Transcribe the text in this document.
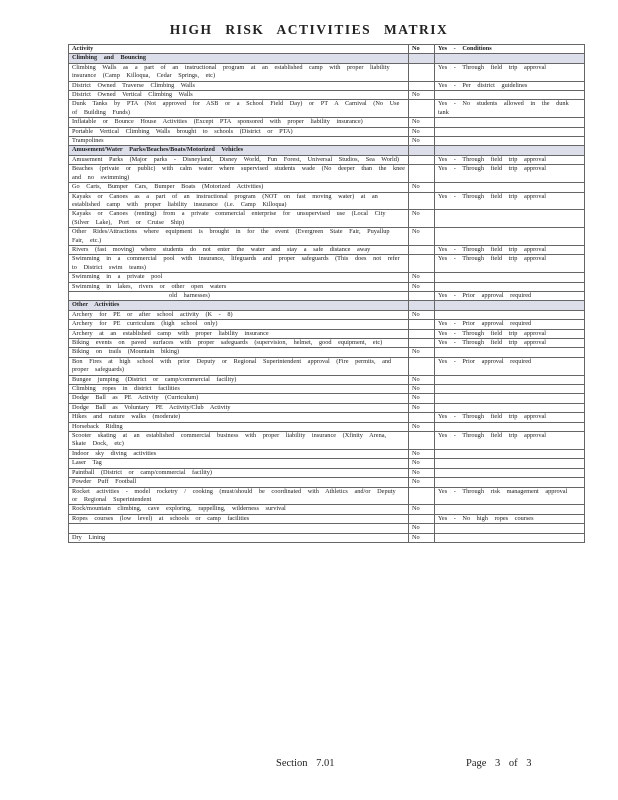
HIGH RISK ACTIVITIES MATRIX
Activity	No	Yes - Conditions
Climbing and Bouncing		
Climbing Walls as a part of an instructional program at an established camp with proper liability insurance (Camp Killoqua, Cedar Springs, etc)		Yes - Through field trip approval
District Owned Traverse Climbing Walls		Yes - Per district guidelines
District Owned Vertical Climbing Walls	No	
Dunk Tanks by PTA (Not approved for ASB or a School Field Day) or PT A Carnival (No Use of Building Funds)		Yes - No students allowed in the dunk tank
Inflatable or Bounce House Activities (Except PTA sponsored with proper liability insurance)	No	
Portable Vertical Climbing Walls brought to schools (District or PTA)	No	
Trampolines	No	
Amusement/Water Parks/Beaches/Boats/Motorized Vehicles		
Amusement Parks (Major parks - Disneyland, Disney World, Fun Forest, Universal Studios, Sea World)		Yes - Through field trip approval
Beaches (private or public) with calm water where supervised students wade (No deeper than the knee and no swimming)		Yes - Through field trip approval
Go Carts, Bumper Cars, Bumper Boats (Motorized Activities)	No	
Kayaks or Canoes as a part of an instructional program (NOT on fast moving water) at an established camp with proper liability insurance (i.e. Camp Killoqua)		Yes - Through field trip approval
Kayaks or Canoes (renting) from a private commercial enterprise for unsupervised use (Local City (Silver Lake), Port or Cruise Ship)	No	
Other Rides/Attractions where equipment is brought in for the event (Evergreen State Fair, Puyallup Fair, etc.)	No	
Rivers (fast moving) where students do not enter the water and stay a safe distance away		Yes - Through field trip approval
Swimming in a commercial pool with insurance, lifeguards and proper safeguards (This does not refer to District swim teams)		Yes - Through field trip approval
Swimming in a private pool	No	
Swimming in lakes, rivers or other open waters	No	
old harnesses)		Yes - Prior approval required
Other Activities		
Archery for PE or after school activity (K - 8)	No	
Archery for PE curriculum (high school only)		Yes - Prior approval required
Archery at an established camp with proper liability insurance		Yes - Through field trip approval
Biking events on paved surfaces with proper safeguards (supervision, helmet, good equipment, etc)		Yes - Through field trip approval
Biking on trails (Mountain biking)	No	
Bon Fires at high school with prior Deputy or Regional Superintendent approval (Fire permits, and proper safeguards)		Yes - Prior approval required
Bungee jumping (District or camp/commercial facility)	No	
Climbing ropes in district facilities	No	
Dodge Ball as PE Activity (Curriculum)	No	
Dodge Ball as Voluntary PE Activity/Club Activity	No	
Hikes and nature walks (moderate)		Yes - Through field trip approval
Horseback Riding	No	
Scooter skating at an established commercial business with proper liability insurance (Xfinity Arena, Skate Dock, etc)		Yes - Through field trip approval
Indoor sky diving activities	No	
Laser Tag	No	
Paintball (District or camp/commercial facility)	No	
Powder Puff Football	No	
Rocket activities - model rocketry / cooking (must/should be coordinated with Athletics and/or Deputy or Regional Superintendent		Yes - Through risk management approval
Rock/mountain climbing, cave exploring, rappelling, wilderness survival	No	
Ropes courses (low level) at schools or camp facilities		Yes - No high ropes courses
	No	
Dry Lining	No	
Section 7.01	Page 3 of 3
